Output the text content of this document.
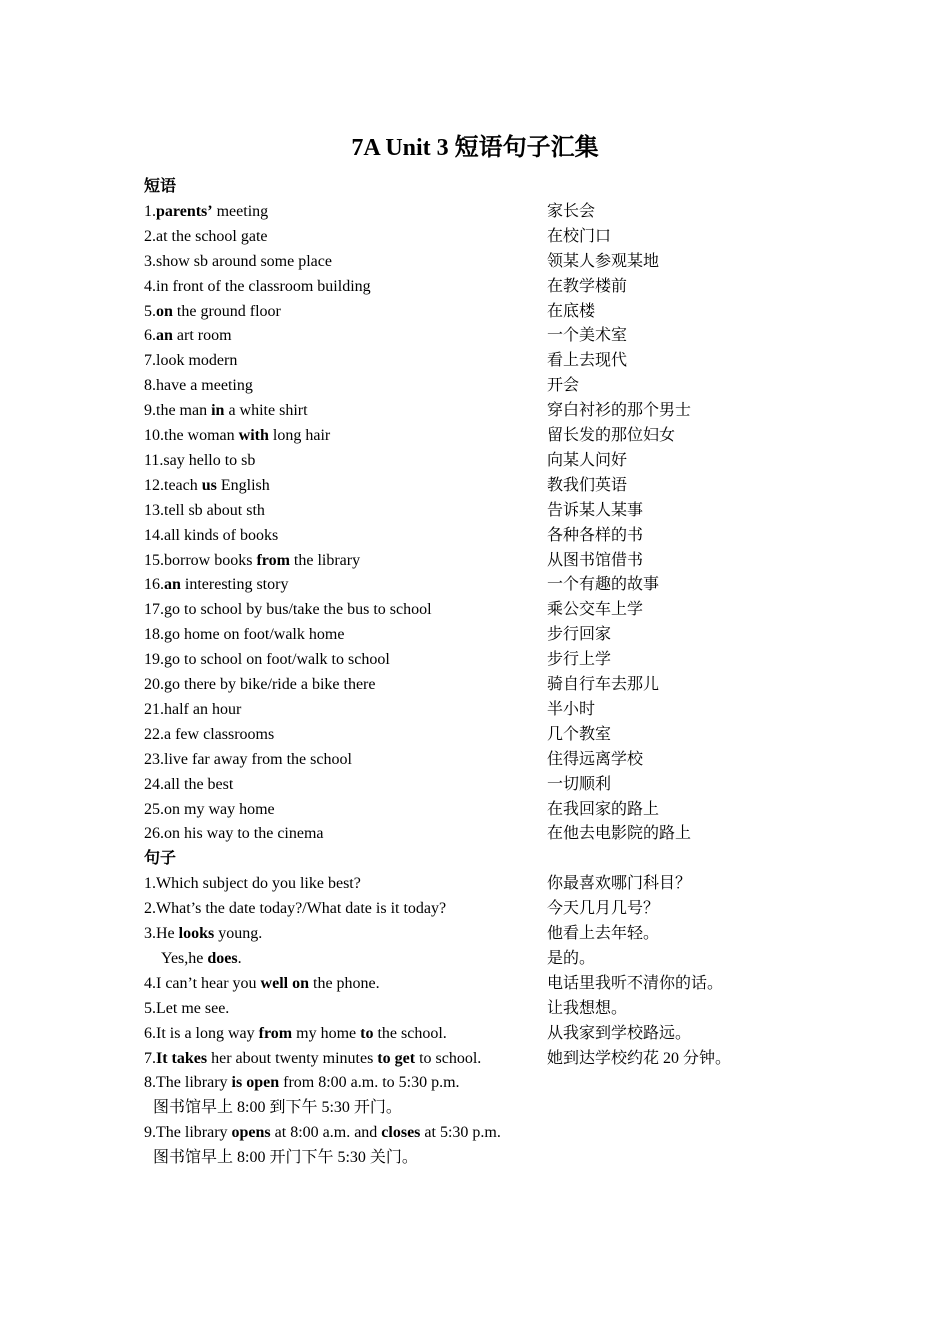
7A Unit 3 短语句子汇集
短语
1.parents’ meeting	家长会
2.at the school gate	在校门口
3.show sb around some place	领某人参观某地
4.in front of the classroom building	在教学楼前
5.on the ground floor	在底楼
6.an art room	一个美术室
7.look modern	看上去现代
8.have a meeting	开会
9.the man in a white shirt	穿白衬衫的那个男士
10.the woman with long hair	留长发的那位妇女
11.say hello to sb	向某人问好
12.teach us English	教我们英语
13.tell sb about sth	告诉某人某事
14.all kinds of books	各种各样的书
15.borrow books from the library	从图书馆借书
16.an interesting story	一个有趣的故事
17.go to school by bus/take the bus to school	乘公交车上学
18.go home on foot/walk home	步行回家
19.go to school on foot/walk to school	步行上学
20.go there by bike/ride a bike there	骑自行车去那儿
21.half an hour	半小时
22.a few classrooms	几个教室
23.live far away from the school	住得远离学校
24.all the best	一切顺利
25.on my way home	在我回家的路上
26.on his way to the cinema	在他去电影院的路上
句子
1.Which subject do you like best?	你最喜欢哪门科目？
2.What’s the date today?/What date is it today?	今天几月几号？
3.He looks young.	他看上去年轻。
Yes,he does.	是的。
4.I can’t hear you well on the phone.	电话里我听不清你的话。
5.Let me see.	让我想想。
6.It is a long way from my home to the school.	从我家到学校路远。
7.It takes her about twenty minutes to get to school.	她到达学校约花 20 分钟。
8.The library is open from 8:00 a.m. to 5:30 p.m.
图书馆早上 8:00 到下午 5:30 开门。
9.The library opens at 8:00 a.m. and closes at 5:30 p.m.
图书馆早上 8:00 开门下午 5:30 关门。
